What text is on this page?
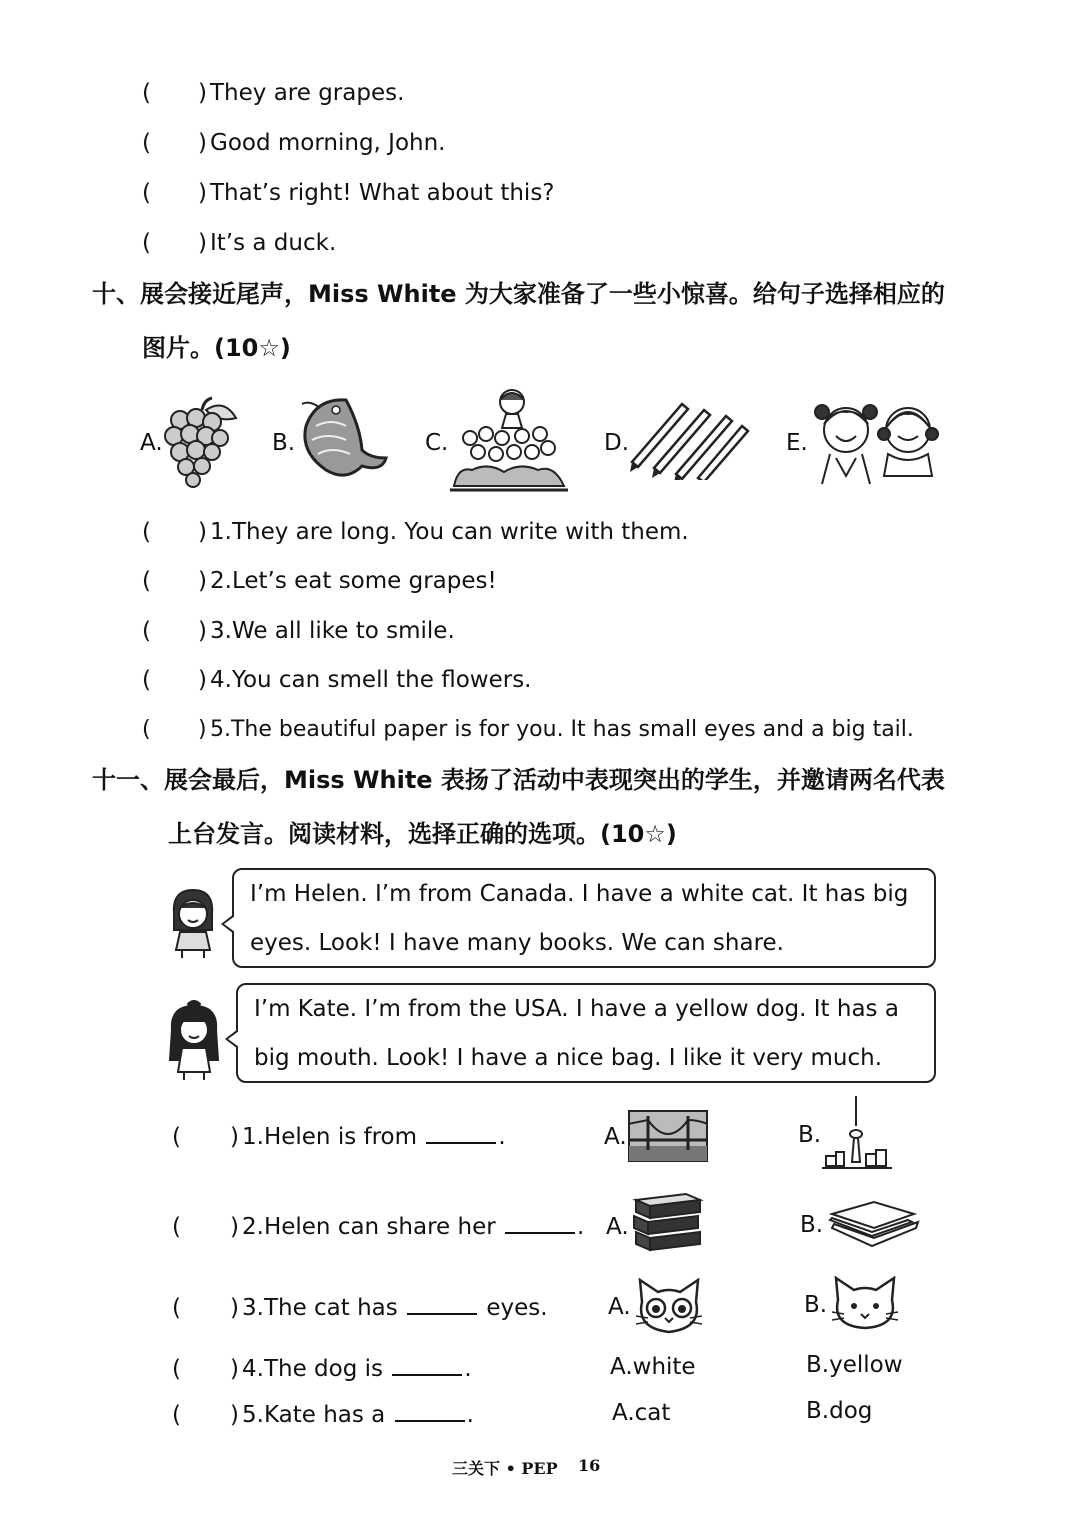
( ) They are grapes.
( ) Good morning, John.
( ) That’s right! What about this?
( ) It’s a duck.
十、展会接近尾声，Miss White 为大家准备了一些小惊喜。给句子选择相应的
图片。(10☆)
A.	B.	C.	D.	E.
( ) 1.They are long. You can write with them.
( ) 2.Let’s eat some grapes!
( ) 3.We all like to smile.
( ) 4.You can smell the flowers.
( ) 5.The beautiful paper is for you. It has small eyes and a big tail.
十一、展会最后，Miss White 表扬了活动中表现突出的学生，并邀请两名代表
上台发言。阅读材料，选择正确的选项。(10☆)
I’m Helen. I’m from Canada. I have a white cat. It has big
eyes. Look! I have many books. We can share.
I’m Kate. I’m from the USA. I have a yellow dog. It has a
big mouth. Look! I have a nice bag. I like it very much.
( ) 1.Helen is from	.	A.	B.
( ) 2.Helen can share her	. A.	B.
( ) 3.The cat has	eyes.	A.	B.
( ) 4.The dog is	.	A.white	B.yellow
( ) 5.Kate has a	.	A.cat	B.dog
三关下 • PEP 16
